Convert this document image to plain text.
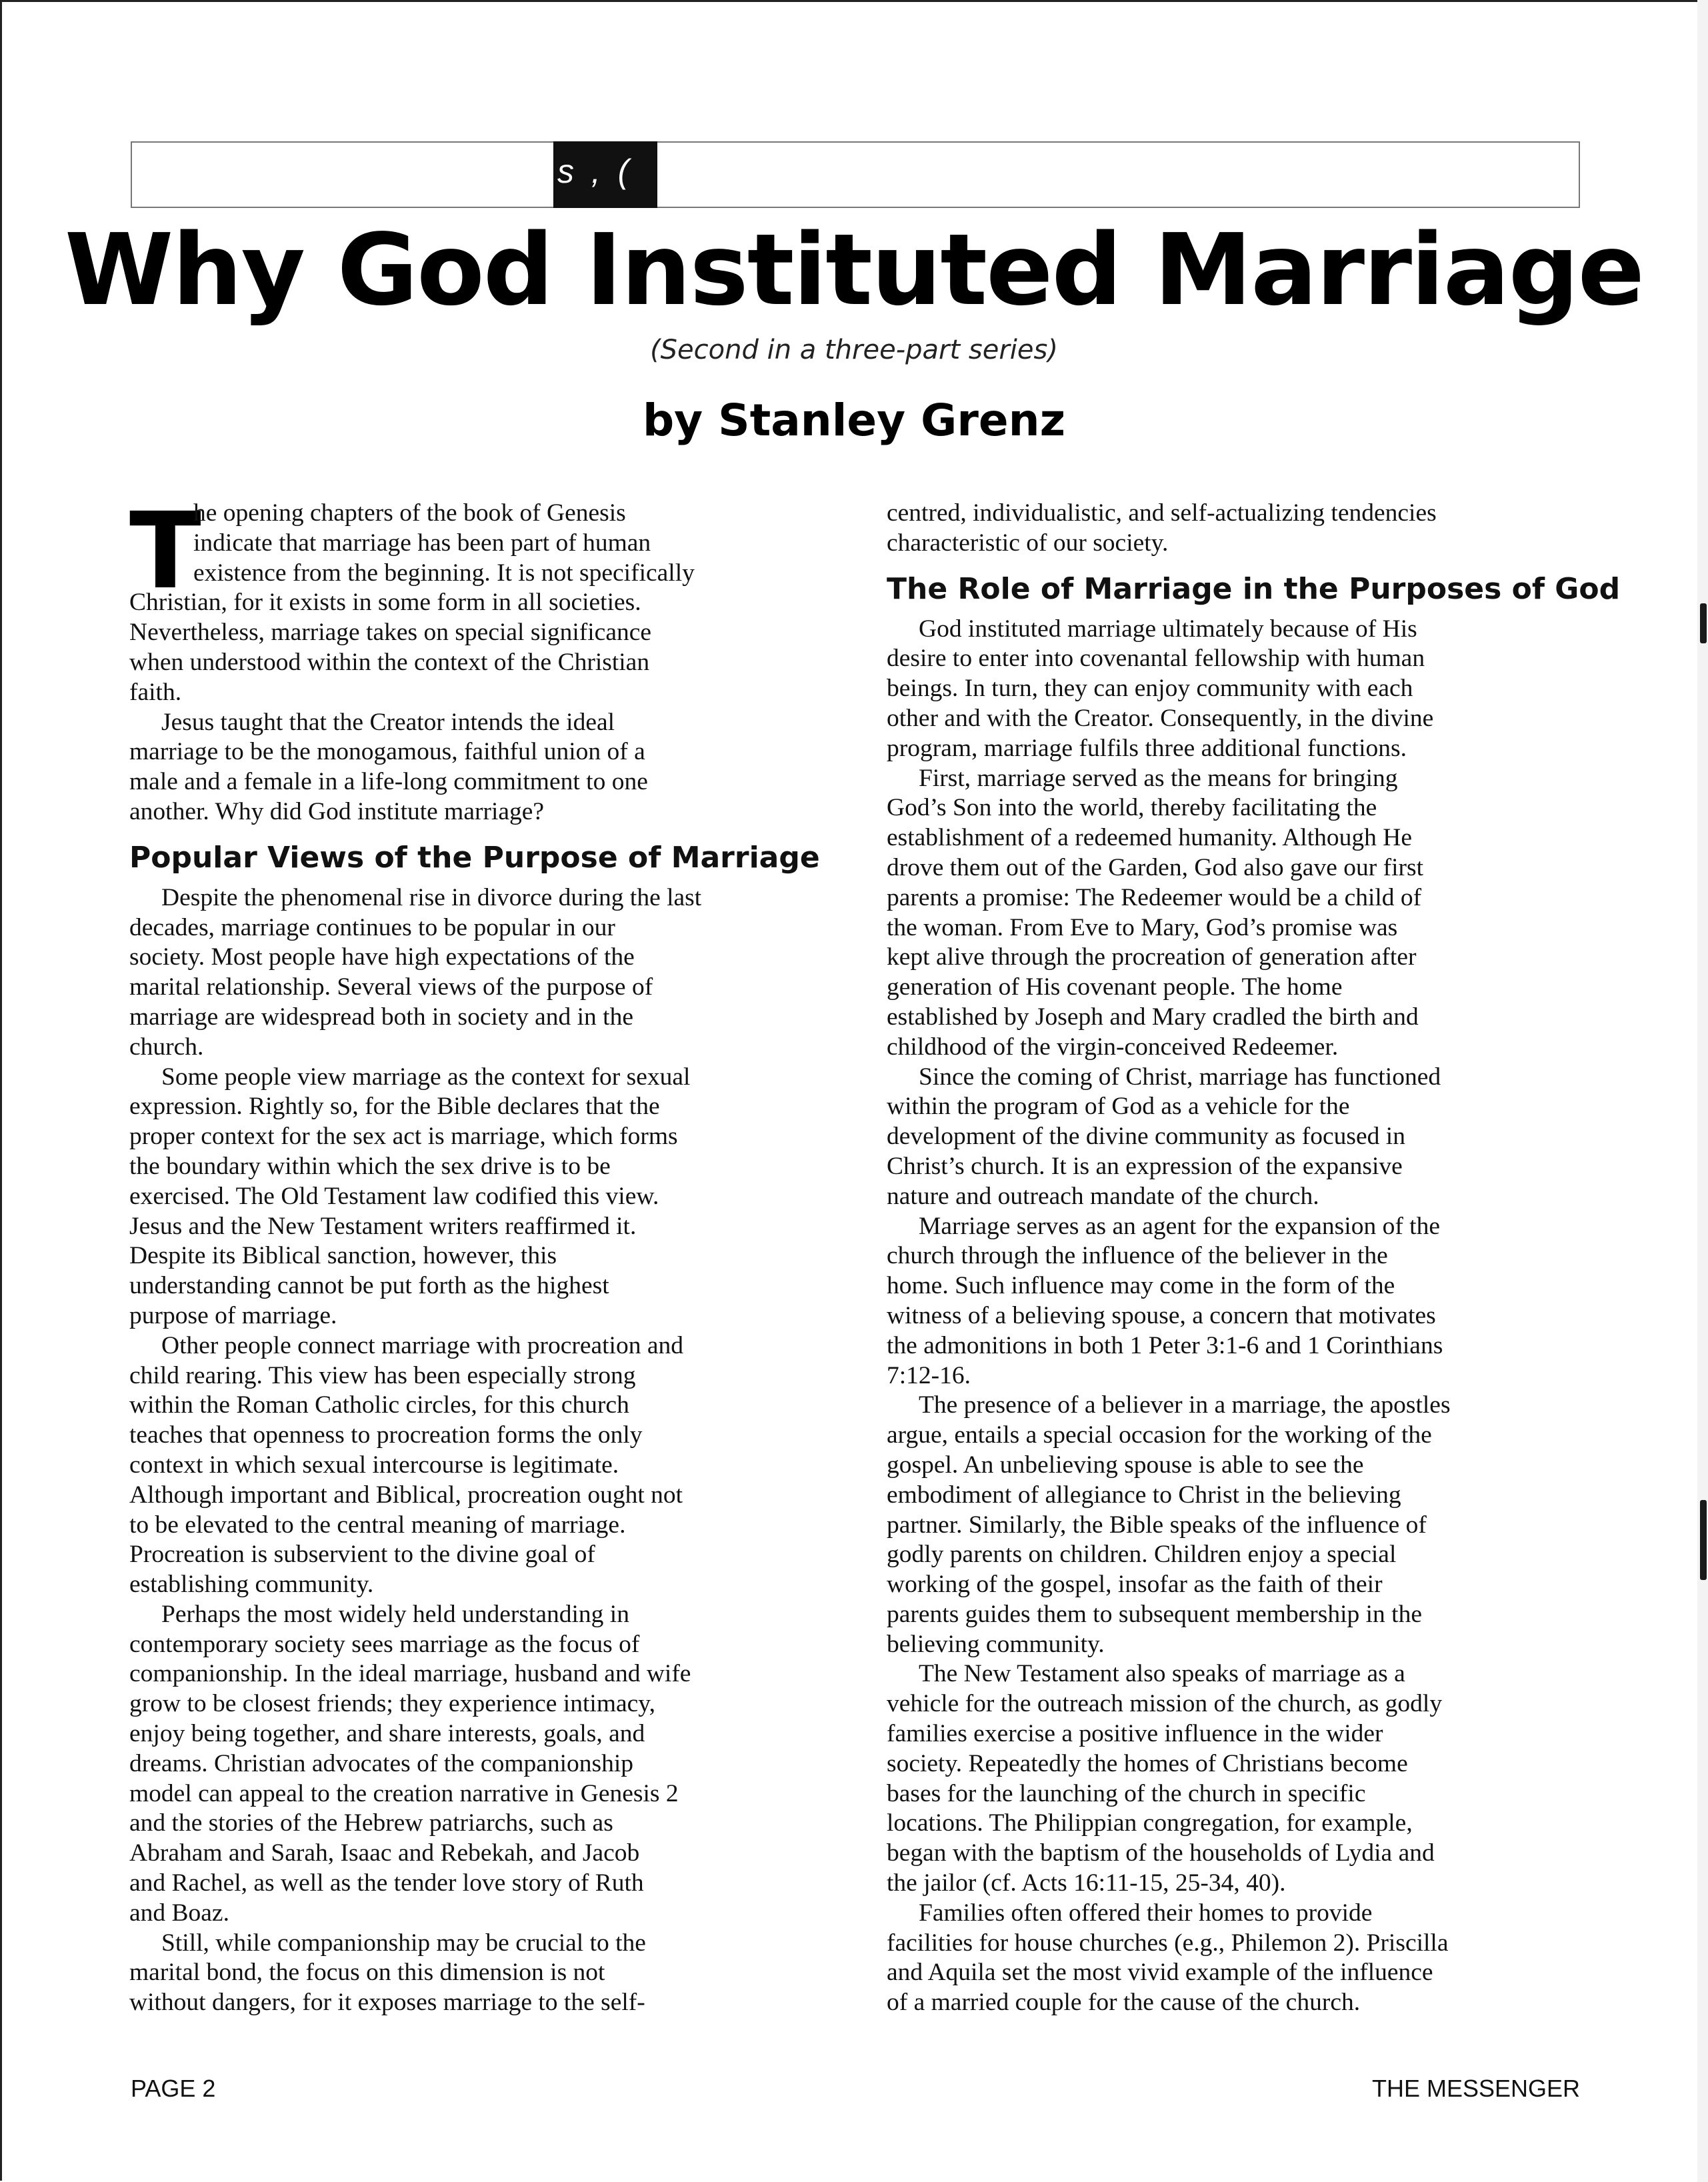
s , (
Why God Instituted Marriage
(Second in a three-part series)
by Stanley Grenz
T
he opening chapters of the book of Genesis
indicate that marriage has been part of human
existence from the beginning. It is not specifically
Christian, for it exists in some form in all societies.
Nevertheless, marriage takes on special significance
when understood within the context of the Christian
faith.
Jesus taught that the Creator intends the ideal
marriage to be the monogamous, faithful union of a
male and a female in a life-long commitment to one
another. Why did God institute marriage?
Popular Views of the Purpose of Marriage
Despite the phenomenal rise in divorce during the last
decades, marriage continues to be popular in our
society. Most people have high expectations of the
marital relationship. Several views of the purpose of
marriage are widespread both in society and in the
church.
Some people view marriage as the context for sexual
expression. Rightly so, for the Bible declares that the
proper context for the sex act is marriage, which forms
the boundary within which the sex drive is to be
exercised. The Old Testament law codified this view.
Jesus and the New Testament writers reaffirmed it.
Despite its Biblical sanction, however, this
understanding cannot be put forth as the highest
purpose of marriage.
Other people connect marriage with procreation and
child rearing. This view has been especially strong
within the Roman Catholic circles, for this church
teaches that openness to procreation forms the only
context in which sexual intercourse is legitimate.
Although important and Biblical, procreation ought not
to be elevated to the central meaning of marriage.
Procreation is subservient to the divine goal of
establishing community.
Perhaps the most widely held understanding in
contemporary society sees marriage as the focus of
companionship. In the ideal marriage, husband and wife
grow to be closest friends; they experience intimacy,
enjoy being together, and share interests, goals, and
dreams. Christian advocates of the companionship
model can appeal to the creation narrative in Genesis 2
and the stories of the Hebrew patriarchs, such as
Abraham and Sarah, Isaac and Rebekah, and Jacob
and Rachel, as well as the tender love story of Ruth
and Boaz.
Still, while companionship may be crucial to the
marital bond, the focus on this dimension is not
without dangers, for it exposes marriage to the self-
centred, individualistic, and self-actualizing tendencies
characteristic of our society.
The Role of Marriage in the Purposes of God
God instituted marriage ultimately because of His
desire to enter into covenantal fellowship with human
beings. In turn, they can enjoy community with each
other and with the Creator. Consequently, in the divine
program, marriage fulfils three additional functions.
First, marriage served as the means for bringing
God’s Son into the world, thereby facilitating the
establishment of a redeemed humanity. Although He
drove them out of the Garden, God also gave our first
parents a promise: The Redeemer would be a child of
the woman. From Eve to Mary, God’s promise was
kept alive through the procreation of generation after
generation of His covenant people. The home
established by Joseph and Mary cradled the birth and
childhood of the virgin-conceived Redeemer.
Since the coming of Christ, marriage has functioned
within the program of God as a vehicle for the
development of the divine community as focused in
Christ’s church. It is an expression of the expansive
nature and outreach mandate of the church.
Marriage serves as an agent for the expansion of the
church through the influence of the believer in the
home. Such influence may come in the form of the
witness of a believing spouse, a concern that motivates
the admonitions in both 1 Peter 3:1-6 and 1 Corinthians
7:12-16.
The presence of a believer in a marriage, the apostles
argue, entails a special occasion for the working of the
gospel. An unbelieving spouse is able to see the
embodiment of allegiance to Christ in the believing
partner. Similarly, the Bible speaks of the influence of
godly parents on children. Children enjoy a special
working of the gospel, insofar as the faith of their
parents guides them to subsequent membership in the
believing community.
The New Testament also speaks of marriage as a
vehicle for the outreach mission of the church, as godly
families exercise a positive influence in the wider
society. Repeatedly the homes of Christians become
bases for the launching of the church in specific
locations. The Philippian congregation, for example,
began with the baptism of the households of Lydia and
the jailor (cf. Acts 16:11-15, 25-34, 40).
Families often offered their homes to provide
facilities for house churches (e.g., Philemon 2). Priscilla
and Aquila set the most vivid example of the influence
of a married couple for the cause of the church.
PAGE 2	THE MESSENGER
